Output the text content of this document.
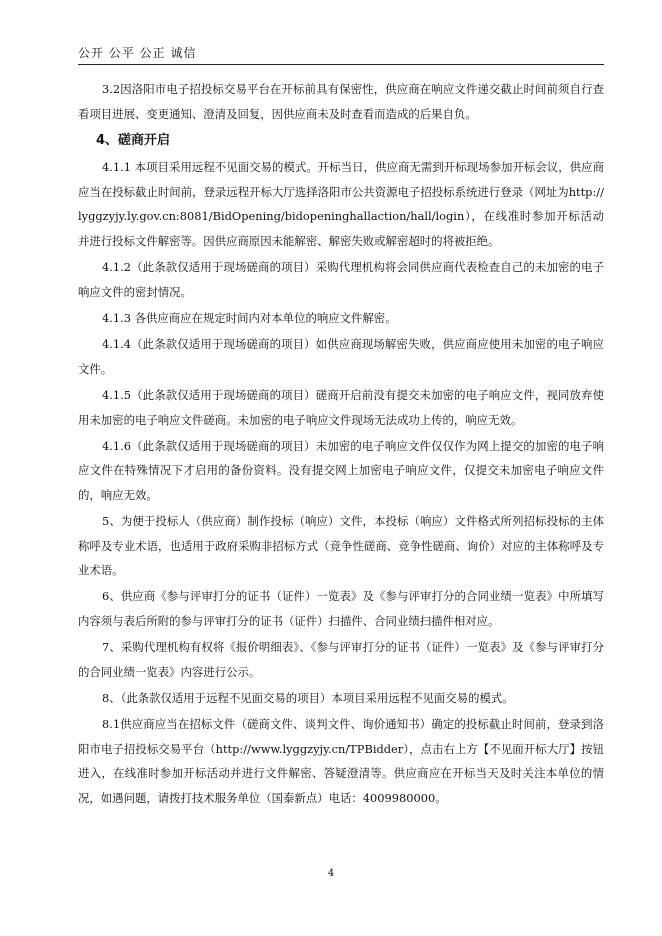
公开 公平 公正 诚信

3.2因洛阳市电子招投标交易平台在开标前具有保密性，供应商在响应文件递交截止时间前须自行查看项目进展、变更通知、澄清及回复，因供应商未及时查看而造成的后果自负。

4、磋商开启

4.1.1 本项目采用远程不见面交易的模式。开标当日，供应商无需到开标现场参加开标会议，供应商应当在投标截止时间前，登录远程开标大厅选择洛阳市公共资源电子招投标系统进行登录（网址为http://lyggzyjy.ly.gov.cn:8081/BidOpening/bidopeninghallaction/hall/login），在线准时参加开标活动并进行投标文件解密等。因供应商原因未能解密、解密失败或解密超时的将被拒绝。

4.1.2（此条款仅适用于现场磋商的项目）采购代理机构将会同供应商代表检查自己的未加密的电子响应文件的密封情况。

4.1.3 各供应商应在规定时间内对本单位的响应文件解密。

4.1.4（此条款仅适用于现场磋商的项目）如供应商现场解密失败，供应商应使用未加密的电子响应文件。

4.1.5（此条款仅适用于现场磋商的项目）磋商开启前没有提交未加密的电子响应文件，视同放弃使用未加密的电子响应文件磋商。未加密的电子响应文件现场无法成功上传的，响应无效。

4.1.6（此条款仅适用于现场磋商的项目）未加密的电子响应文件仅仅作为网上提交的加密的电子响应文件在特殊情况下才启用的备份资料。没有提交网上加密电子响应文件，仅提交未加密电子响应文件的，响应无效。

5、为便于投标人（供应商）制作投标（响应）文件，本投标（响应）文件格式所列招标投标的主体称呼及专业术语，也适用于政府采购非招标方式（竞争性磋商、竞争性磋商、询价）对应的主体称呼及专业术语。

6、供应商《参与评审打分的证书（证件）一览表》及《参与评审打分的合同业绩一览表》中所填写内容须与表后所附的参与评审打分的证书（证件）扫描件、合同业绩扫描件相对应。

7、采购代理机构有权将《报价明细表》、《参与评审打分的证书（证件）一览表》及《参与评审打分的合同业绩一览表》内容进行公示。

8、（此条款仅适用于远程不见面交易的项目）本项目采用远程不见面交易的模式。

8.1供应商应当在招标文件（磋商文件、谈判文件、询价通知书）确定的投标截止时间前，登录到洛阳市电子招投标交易平台（http://www.lyggzyjy.cn/TPBidder），点击右上方【不见面开标大厅】按钮进入，在线准时参加开标活动并进行文件解密、答疑澄清等。供应商应在开标当天及时关注本单位的情况，如遇问题，请拨打技术服务单位（国泰新点）电话：4009980000。

4
